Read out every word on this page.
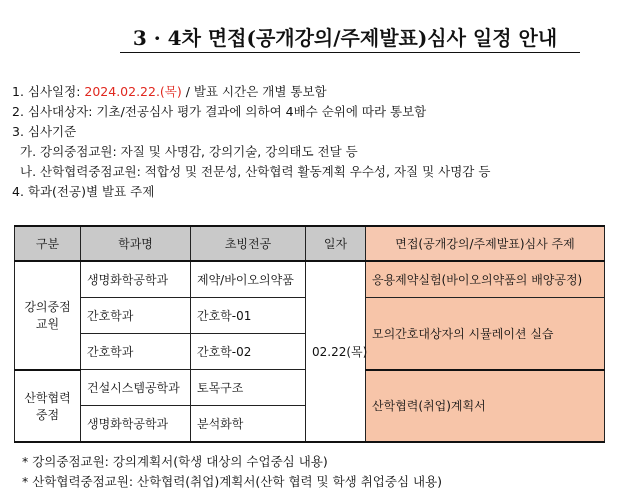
3 · 4차 면접(공개강의/주제발표)심사 일정 안내
1. 심사일정: 2024.02.22.(목) / 발표 시간은 개별 통보함
2. 심사대상자: 기초/전공심사 평가 결과에 의하여 4배수 순위에 따라 통보함
3. 심사기준
가. 강의중점교원: 자질 및 사명감, 강의기술, 강의태도 전달 등
나. 산학협력중점교원: 적합성 및 전문성, 산학협력 활동계획 우수성, 자질 및 사명감 등
4. 학과(전공)별 발표 주제
구분	학과명	초빙전공	일자	면접(공개강의/주제발표)심사 주제
강의중점
교원	생명화학공학과	제약/바이오의약품	02.22(목)	응용제약실험(바이오의약품의 배양공정)
	간호학과	간호학-01		모의간호대상자의 시뮬레이션 실습
	간호학과	간호학-02		
산학협력
중점	건설시스템공학과	토목구조		산학협력(취업)계획서
	생명화학공학과	분석화학		
* 강의중점교원: 강의계획서(학생 대상의 수업중심 내용)
* 산학협력중점교원: 산학협력(취업)계획서(산학 협력 및 학생 취업중심 내용)
